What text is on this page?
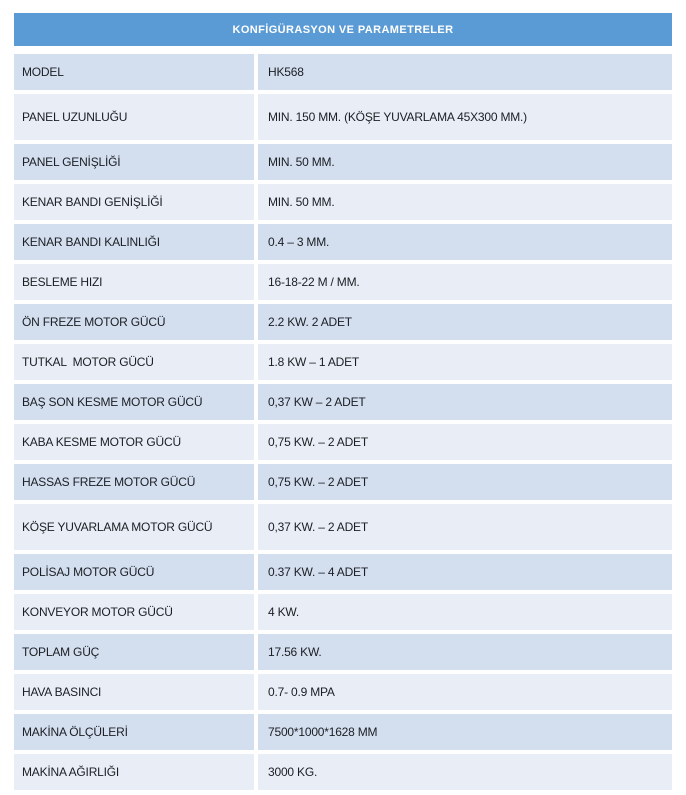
KONFİGÜRASYON VE PARAMETRELER
MODEL	HK568
PANEL UZUNLUĞU	MIN. 150 MM. (KÖŞE YUVARLAMA 45X300 MM.)
PANEL GENİŞLİĞİ	MIN. 50 MM.
KENAR BANDI GENİŞLİĞİ	MIN. 50 MM.
KENAR BANDI KALINLIĞI	0.4 – 3 MM.
BESLEME HIZI	16-18-22 M / MM.
ÖN FREZE MOTOR GÜCÜ	2.2 KW. 2 ADET
TUTKAL  MOTOR GÜCÜ	1.8 KW – 1 ADET
BAŞ SON KESME MOTOR GÜCÜ	0,37 KW – 2 ADET
KABA KESME MOTOR GÜCÜ	0,75 KW. – 2 ADET
HASSAS FREZE MOTOR GÜCÜ	0,75 KW. – 2 ADET
KÖŞE YUVARLAMA MOTOR GÜCÜ	0,37 KW. – 2 ADET
POLİSAJ MOTOR GÜCÜ	0.37 KW. – 4 ADET
KONVEYOR MOTOR GÜCÜ	4 KW.
TOPLAM GÜÇ	17.56 KW.
HAVA BASINCI	0.7- 0.9 MPA
MAKİNA ÖLÇÜLERİ	7500*1000*1628 MM
MAKİNA AĞIRLIĞI	3000 KG.
